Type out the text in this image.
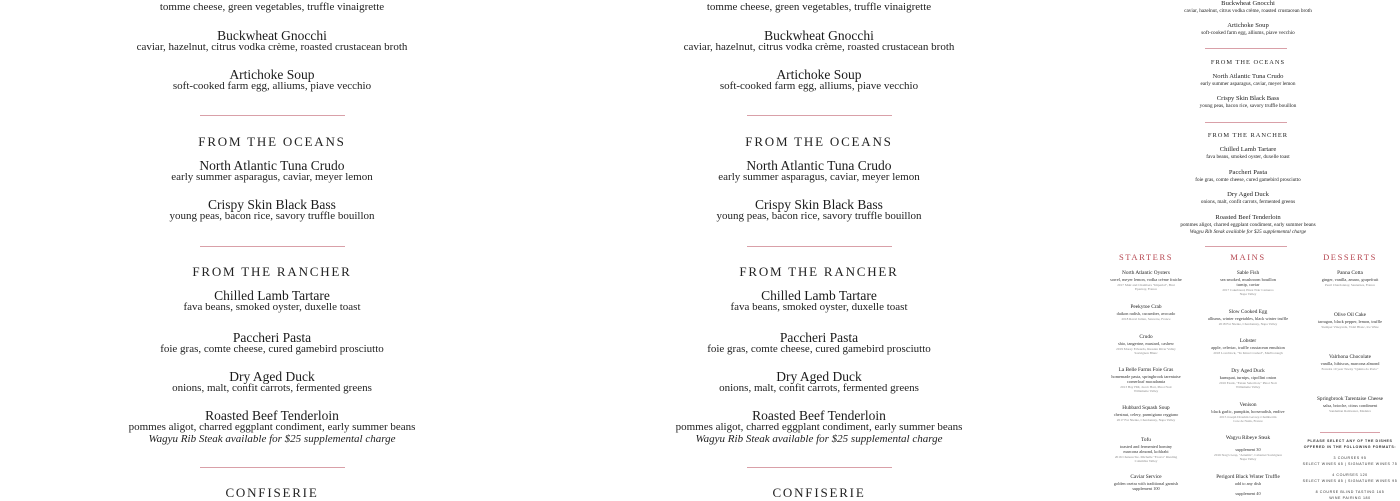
tomme cheese, green vegetables, truffle vinaigrette
Buckwheat Gnocchi
caviar, hazelnut, citrus vodka crème, roasted crustacean broth
Artichoke Soup
soft-cooked farm egg, alliums, piave vecchio
FROM THE OCEANS
North Atlantic Tuna Crudo
early summer asparagus, caviar, meyer lemon
Crispy Skin Black Bass
young peas, bacon rice, savory truffle bouillon
FROM THE RANCHER
Chilled Lamb Tartare
fava beans, smoked oyster, duxelle toast
Paccheri Pasta
foie gras, comte cheese, cured gamebird prosciutto
Dry Aged Duck
onions, malt, confit carrots, fermented greens
Roasted Beef Tenderloin
pommes aligot, charred eggplant condiment, early summer beans
Wagyu Rib Steak available for $25 supplemental charge
CONFISERIE
tomme cheese, green vegetables, truffle vinaigrette
Buckwheat Gnocchi
caviar, hazelnut, citrus vodka crème, roasted crustacean broth
Artichoke Soup
soft-cooked farm egg, alliums, piave vecchio
FROM THE OCEANS
North Atlantic Tuna Crudo
early summer asparagus, caviar, meyer lemon
Crispy Skin Black Bass
young peas, bacon rice, savory truffle bouillon
FROM THE RANCHER
Chilled Lamb Tartare
fava beans, smoked oyster, duxelle toast
Paccheri Pasta
foie gras, comte cheese, cured gamebird prosciutto
Dry Aged Duck
onions, malt, confit carrots, fermented greens
Roasted Beef Tenderloin
pommes aligot, charred eggplant condiment, early summer beans
Wagyu Rib Steak available for $25 supplemental charge
CONFISERIE
Buckwheat Gnocchi
caviar, hazelnut, citrus vodka crème, roasted crustacean broth
Artichoke Soup
soft-cooked farm egg, alliums, piave vecchio
FROM THE OCEANS
North Atlantic Tuna Crudo
early summer asparagus, caviar, meyer lemon
Crispy Skin Black Bass
young peas, bacon rice, savory truffle bouillon
FROM THE RANCHER
Chilled Lamb Tartare
fava beans, smoked oyster, duxelle toast
Paccheri Pasta
foie gras, comte cheese, cured gamebird prosciutto
Dry Aged Duck
onions, malt, confit carrots, fermented greens
Roasted Beef Tenderloin
pommes aligot, charred eggplant condiment, early summer beans
Wagyu Rib Steak available for $25 supplemental charge
STARTERS
North Atlantic Oysters
sorrel, meyer lemon, vodka crème fraiche
2017 Muir and Chambers "Imperial", Brut
Epernay, France
Peekytoe Crab
daikon radish, cucumber, avocado
2018 Ravel Julien, Sancerre, France
Crudo
shio, tangerine, mustard, cashew
2019 Morey Edwards, Russian River Valley
Sauvignon Blanc
La Belle Farms Foie Gras
homemade pasta, springbrook tarentaise
cornerloaf macadamia
2013 Bay Hill, Jacob Hart, Pinot Noir
Willamette Valley
Hubbard Squash Soup
chestnut, celery, parmigiano reggiano
2017 Far Niente, Chardonnay, Napa Valley
Tofu
toasted and fermented hominy
marcona almond, kohlrabi
2016 Chateau Ste. Michelle "Eroica" Riesling
Columbia Valley
Caviar Service
golden osetra with traditional garnish
supplement 100
MAINS
Sable Fish
sea smoked, mushroom bouillon
turnip, caviar
2017 Cakebread, Pinot Noir Carneros
Napa Valley
Slow Cooked Egg
alliums, winter vegetables, black winter truffle
2018 Far Niente, Chardonnay, Napa Valley
Lobster
apple, celeriac, truffle crustacean emulsion
2018 Loveblock, "Te Kinu Crosbed", Marlborough
Dry Aged Duck
kumquat, turnips, cipollini onion
2016 Ezark, "Estate Selection," Pinot Noir
Willamette Valley
Venison
black garlic, pumpkin, horseradish, endive
2015 Joseph Drouhin Gevrey-Chambertin
Cote de Nuits, France
Wagyu Ribeye Steak
supplement 30
2016 Stag's Leap, "Artemis", Cabernet Sauvignon
Napa Valley
Perigord Black Winter Truffle
add to any dish
supplement 40
DESSERTS
Panna Cotta
ginger, vanilla, amaro, grapefruit
Pearl Chardonnay, Sauternes, France
Olive Oil Cake
tarragon, black pepper, lemon, truffle
Stemper Vineyards, Vidal Blanc, Ice Wine
Valrhona Chocolate
vanilla, hibiscus, marcona almond
Ferreira 10 year Tawny "Quinta do Porto"
Springbrook Tarentaise Cheese
salsa, brioche, citrus condiment
Sandeman Rainwater, Madeira
PLEASE SELECT ANY OF THE DISHES
OFFERED IN THE FOLLOWING FORMATS:
3 COURSES 95
SELECT WINES 65 | SIGNATURE WINES 75
4 COURSES 120
SELECT WINES 85 | SIGNATURE WINES 95
8 COURSE BLIND TASTING 165
WINE PAIRING 180
